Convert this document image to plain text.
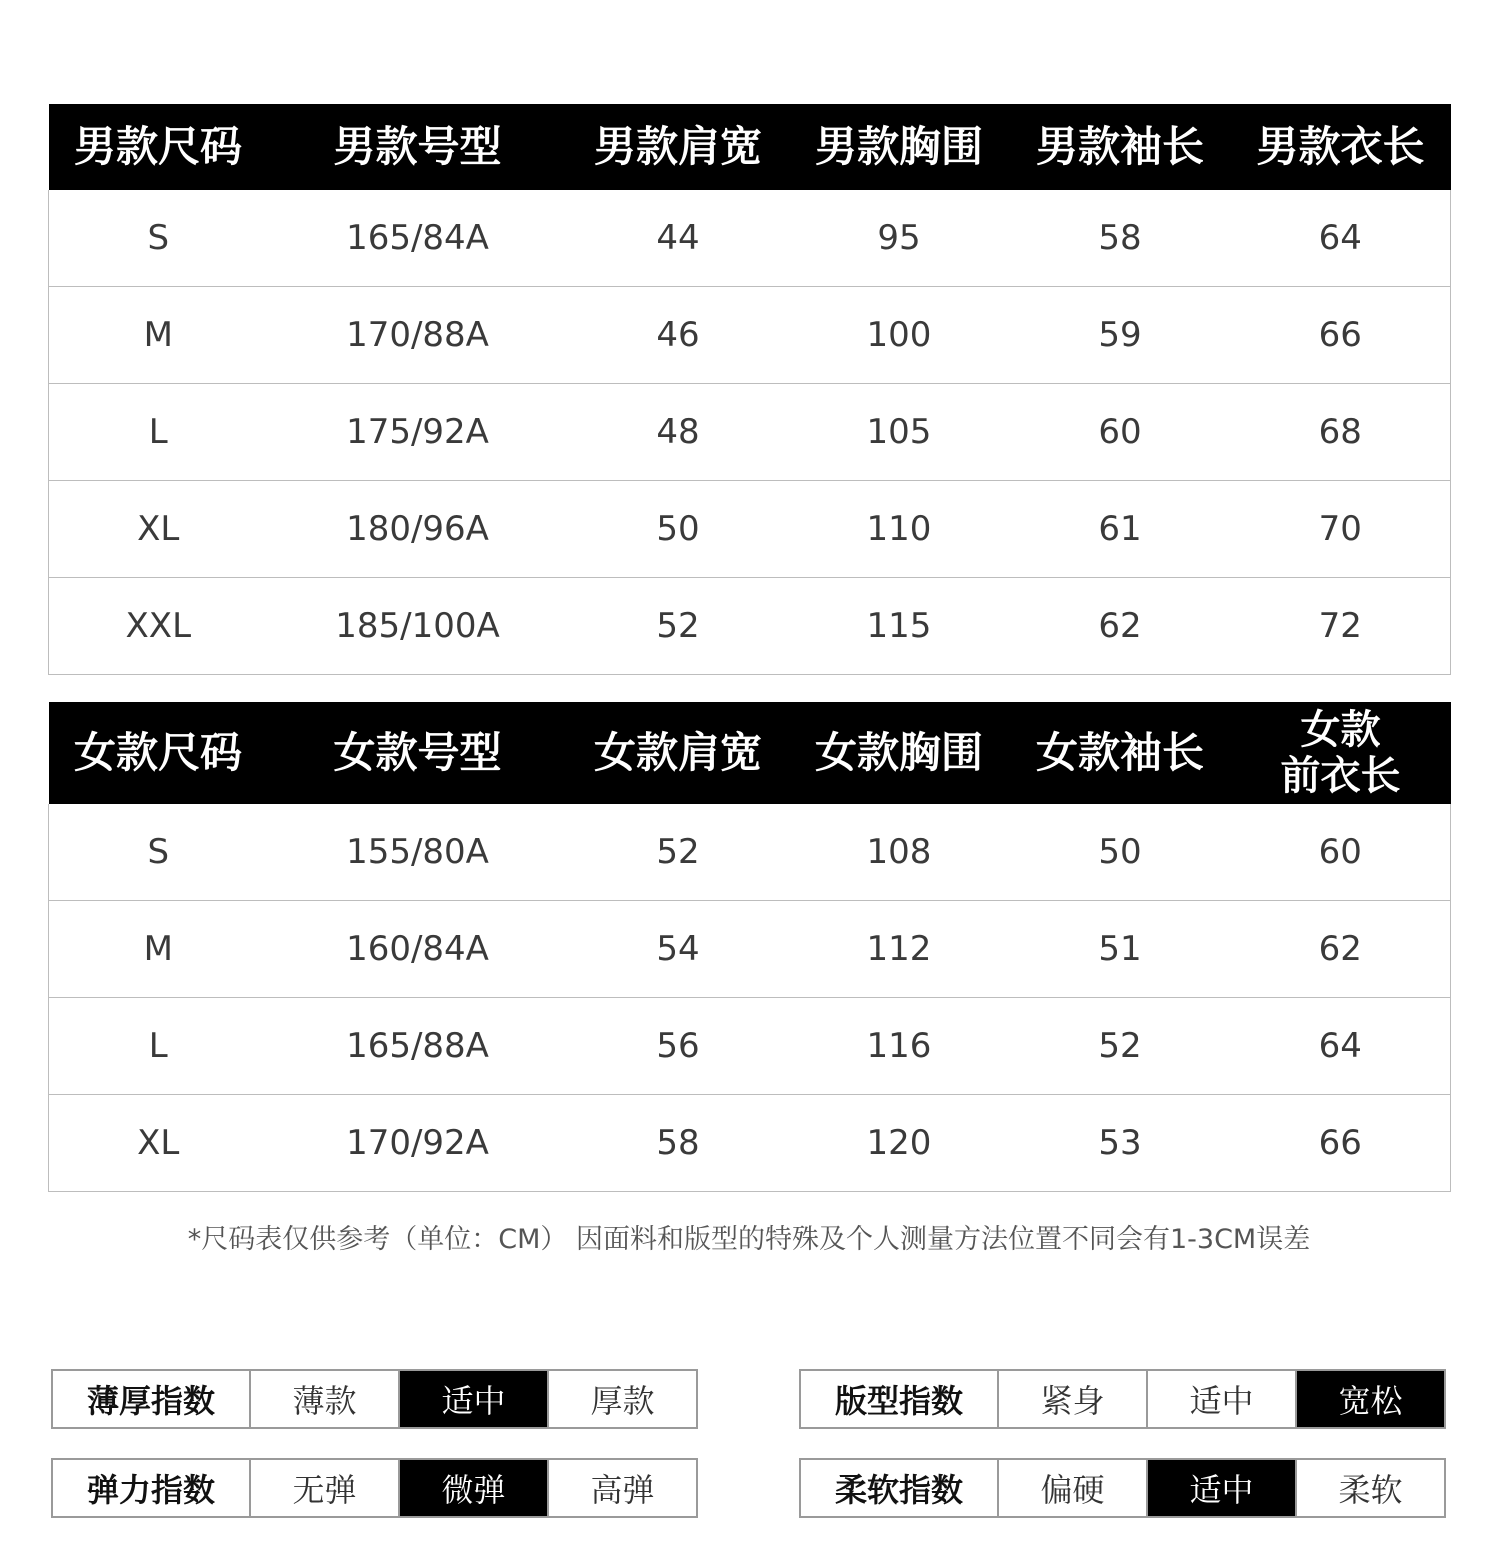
男款尺码	男款号型	男款肩宽	男款胸围	男款袖长	男款衣长
S	165/84A	44	95	58	64
M	170/88A	46	100	59	66
L	175/92A	48	105	60	68
XL	180/96A	50	110	61	70
XXL	185/100A	52	115	62	72
女款尺码	女款号型	女款肩宽	女款胸围	女款袖长	女款
前衣长
S	155/80A	52	108	50	60
M	160/84A	54	112	51	62
L	165/88A	56	116	52	64
XL	170/92A	58	120	53	66
*尺码表仅供参考（单位：CM） 因面料和版型的特殊及个人测量方法位置不同会有1-3CM误差
薄厚指数	薄款	适中	厚款	版型指数	紧身	适中	宽松
弹力指数	无弹	微弹	高弹	柔软指数	偏硬	适中	柔软
